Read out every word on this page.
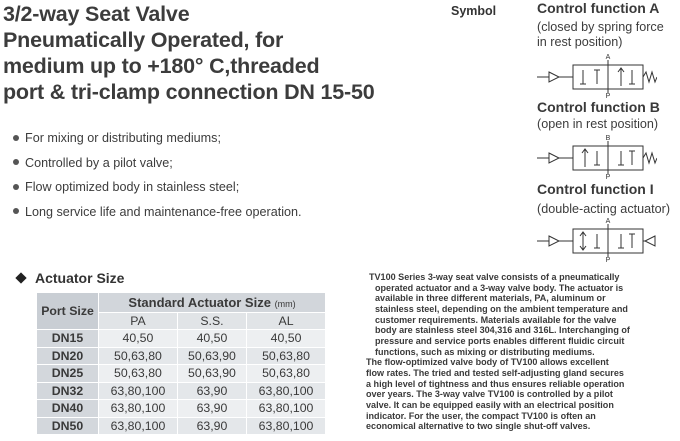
3/2-way Seat Valve
Pneumatically Operated, for
medium up to +180° C,threaded
port & tri-clamp connection DN 15-50
For mixing or distributing mediums;
Controlled by a pilot valve;
Flow optimized body in stainless steel;
Long service life and maintenance-free operation.
Symbol	Control function A
(closed by spring force
in rest position)
A
P
Control function B
(open in rest position)
B
P
Control function I
(double-acting actuator)
A
P
Actuator Size
Port Size	Standard Actuator Size (mm)		
	PA	S.S.	AL
DN15	40,50	40,50	40,50
DN20	50,63,80	50,63,90	50,63,80
DN25	50,63,80	50,63,90	50,63,80
DN32	63,80,100	63,90	63,80,100
DN40	63,80,100	63,90	63,80,100
DN50	63,80,100	63,90	63,80,100
TV100 Series 3-way seat valve consists of a pneumatically
operated actuator and a 3-way valve body. The actuator is
available in three different materials, PA, aluminum or
stainless steel, depending on the ambient temperature and
customer requirements. Materials available for the valve
body are stainless steel 304,316 and 316L. Interchanging of
pressure and service ports enables different fluidic circuit
functions, such as mixing or distributing mediums.
The flow-optimized valve body of TV100 allows excellent
flow rates. The tried and tested self-adjusting gland secures
a high level of tightness and thus ensures reliable operation
over years. The 3-way valve TV100 is controlled by a pilot
valve. It can be equipped easily with an electrical position
indicator. For the user, the compact TV100 is often an
economical alternative to two single shut-off valves.
